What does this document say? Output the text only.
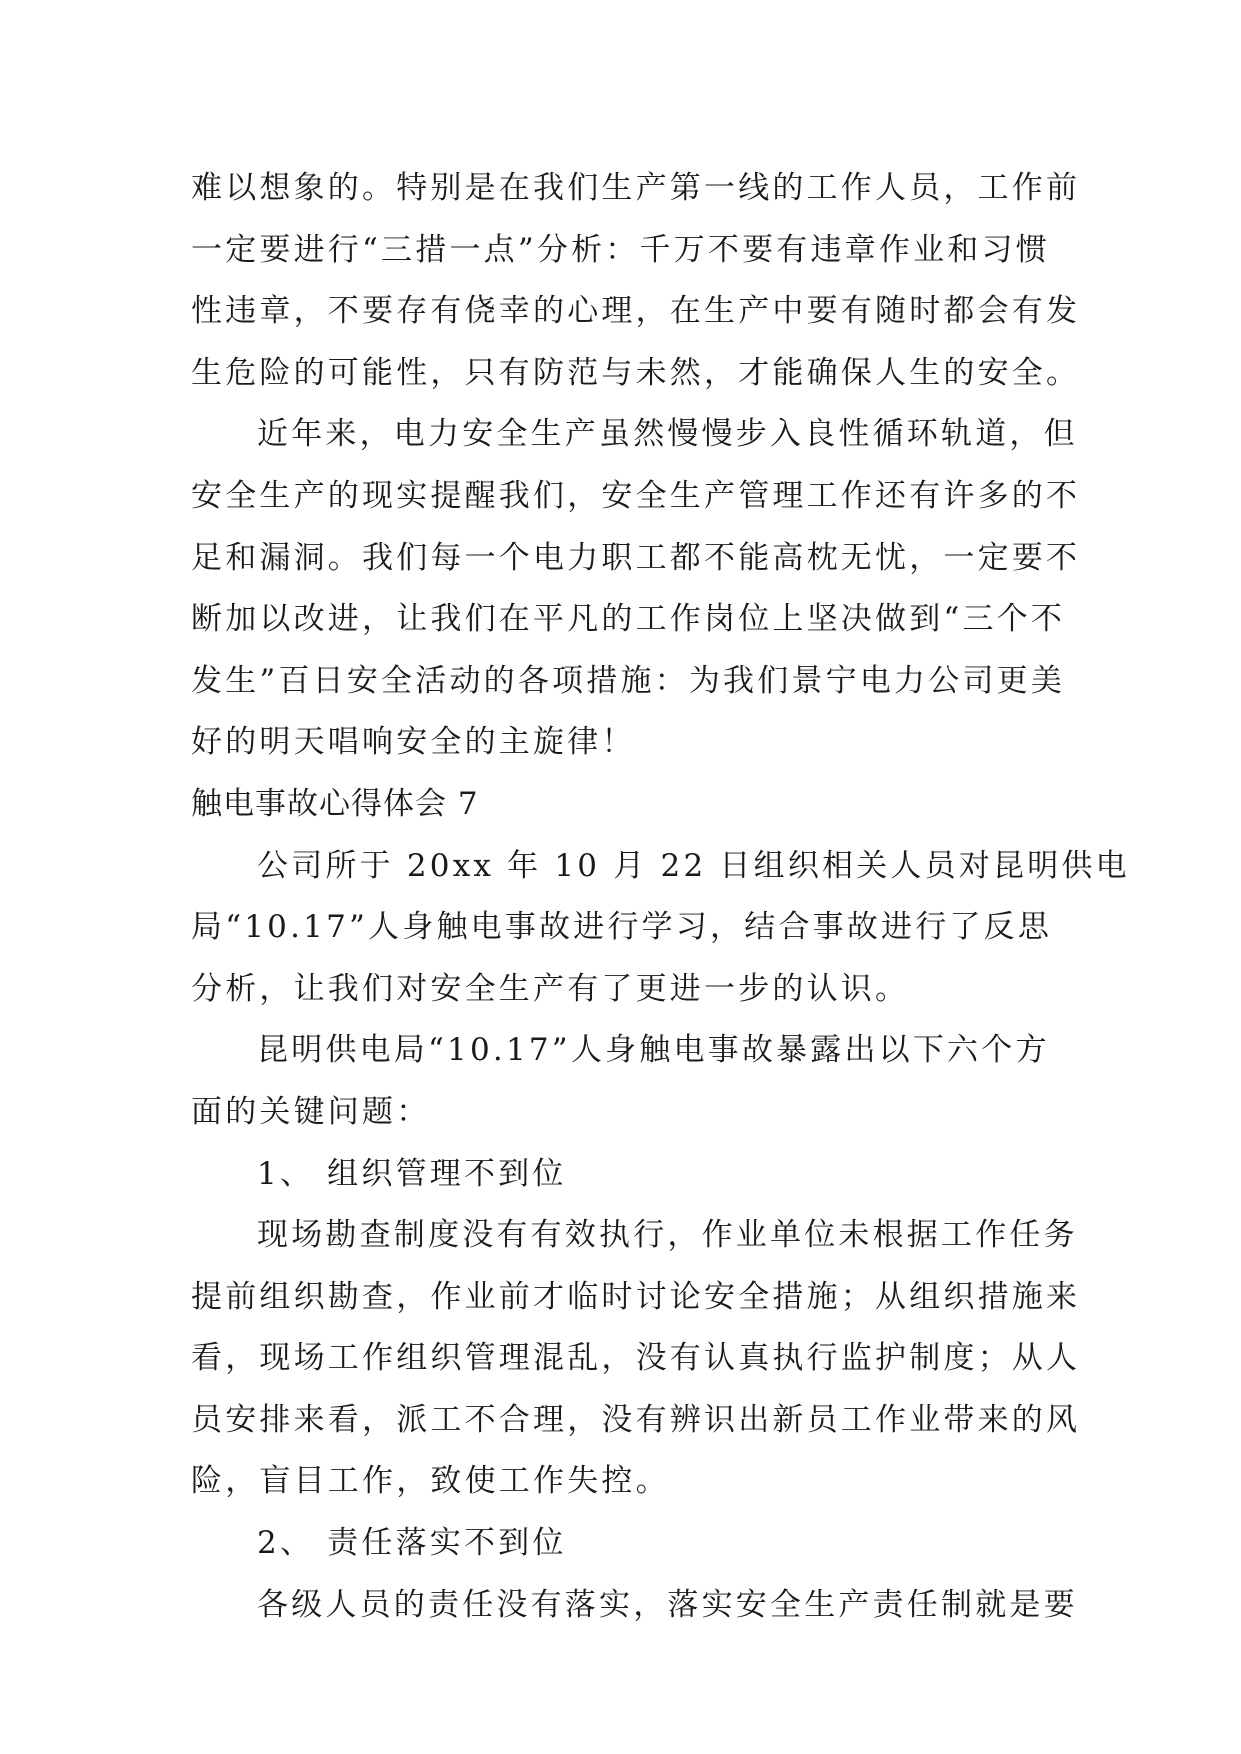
难以想象的。特别是在我们生产第一线的工作人员，工作前
一定要进行“三措一点”分析：千万不要有违章作业和习惯
性违章，不要存有侥幸的心理，在生产中要有随时都会有发
生危险的可能性，只有防范与未然，才能确保人生的安全。
近年来，电力安全生产虽然慢慢步入良性循环轨道，但
安全生产的现实提醒我们，安全生产管理工作还有许多的不
足和漏洞。我们每一个电力职工都不能高枕无忧，一定要不
断加以改进，让我们在平凡的工作岗位上坚决做到“三个不
发生”百日安全活动的各项措施：为我们景宁电力公司更美
好的明天唱响安全的主旋律！
触电事故心得体会 7
公司所于 20xx 年 10 月 22 日组织相关人员对昆明供电
局“10.17”人身触电事故进行学习，结合事故进行了反思
分析，让我们对安全生产有了更进一步的认识。
昆明供电局“10.17”人身触电事故暴露出以下六个方
面的关键问题：
1、 组织管理不到位
现场勘查制度没有有效执行，作业单位未根据工作任务
提前组织勘查，作业前才临时讨论安全措施；从组织措施来
看，现场工作组织管理混乱，没有认真执行监护制度；从人
员安排来看，派工不合理，没有辨识出新员工作业带来的风
险，盲目工作，致使工作失控。
2、 责任落实不到位
各级人员的责任没有落实，落实安全生产责任制就是要
